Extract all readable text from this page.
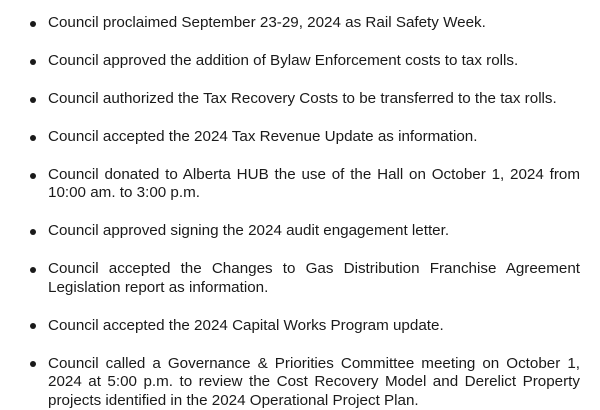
Council proclaimed September 23-29, 2024 as Rail Safety Week.
Council approved the addition of Bylaw Enforcement costs to tax rolls.
Council authorized the Tax Recovery Costs to be transferred to the tax rolls.
Council accepted the 2024 Tax Revenue Update as information.
Council donated to Alberta HUB the use of the Hall on October 1, 2024 from 10:00 am. to 3:00 p.m.
Council approved signing the 2024 audit engagement letter.
Council accepted the Changes to Gas Distribution Franchise Agreement Legislation report as information.
Council accepted the 2024 Capital Works Program update.
Council called a Governance & Priorities Committee meeting on October 1, 2024 at 5:00 p.m. to review the Cost Recovery Model and Derelict Property projects identified in the 2024 Operational Project Plan.
